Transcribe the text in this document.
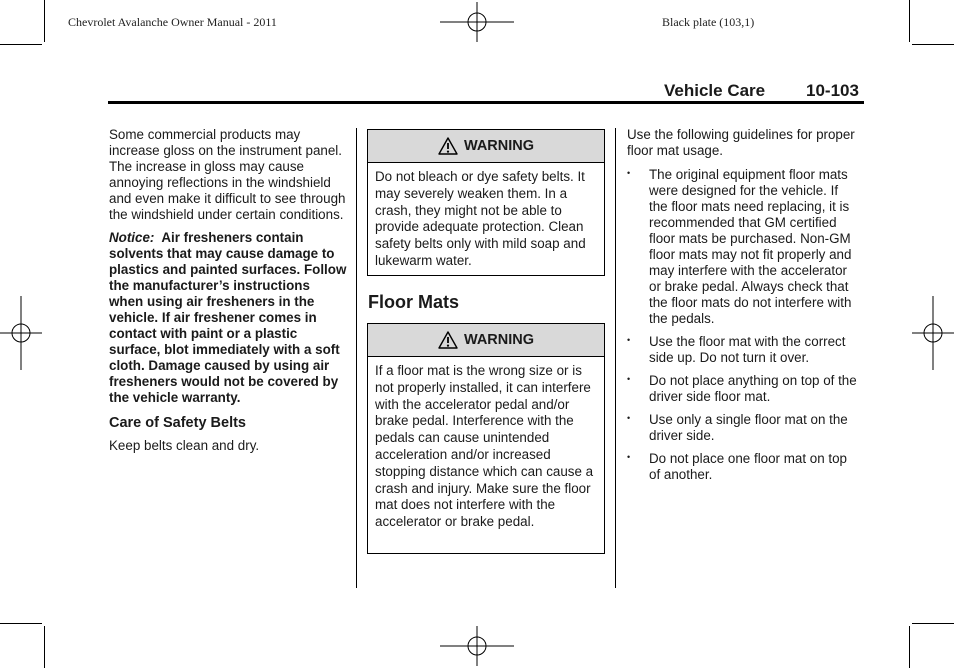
Chevrolet Avalanche Owner Manual - 2011	Black plate (103,1)
Vehicle Care 10-103

Some commercial products may increase gloss on the instrument panel. The increase in gloss may cause annoying reflections in the windshield and even make it difficult to see through the windshield under certain conditions.

Notice: Air fresheners contain solvents that may cause damage to plastics and painted surfaces. Follow the manufacturer’s instructions when using air fresheners in the vehicle. If air freshener comes in contact with paint or a plastic surface, blot immediately with a soft cloth. Damage caused by using air fresheners would not be covered by the vehicle warranty.

Care of Safety Belts

Keep belts clean and dry.

WARNING
Do not bleach or dye safety belts. It may severely weaken them. In a crash, they might not be able to provide adequate protection. Clean safety belts only with mild soap and lukewarm water.
Floor Mats
WARNING
If a floor mat is the wrong size or is not properly installed, it can interfere with the accelerator pedal and/or brake pedal. Interference with the pedals can cause unintended acceleration and/or increased stopping distance which can cause a crash and injury. Make sure the floor mat does not interfere with the accelerator or brake pedal.

Use the following guidelines for proper floor mat usage.

• The original equipment floor mats were designed for the vehicle. If the floor mats need replacing, it is recommended that GM certified floor mats be purchased. Non-GM floor mats may not fit properly and may interfere with the accelerator or brake pedal. Always check that the floor mats do not interfere with the pedals.
• Use the floor mat with the correct side up. Do not turn it over.
• Do not place anything on top of the driver side floor mat.
• Use only a single floor mat on the driver side.
• Do not place one floor mat on top of another.
